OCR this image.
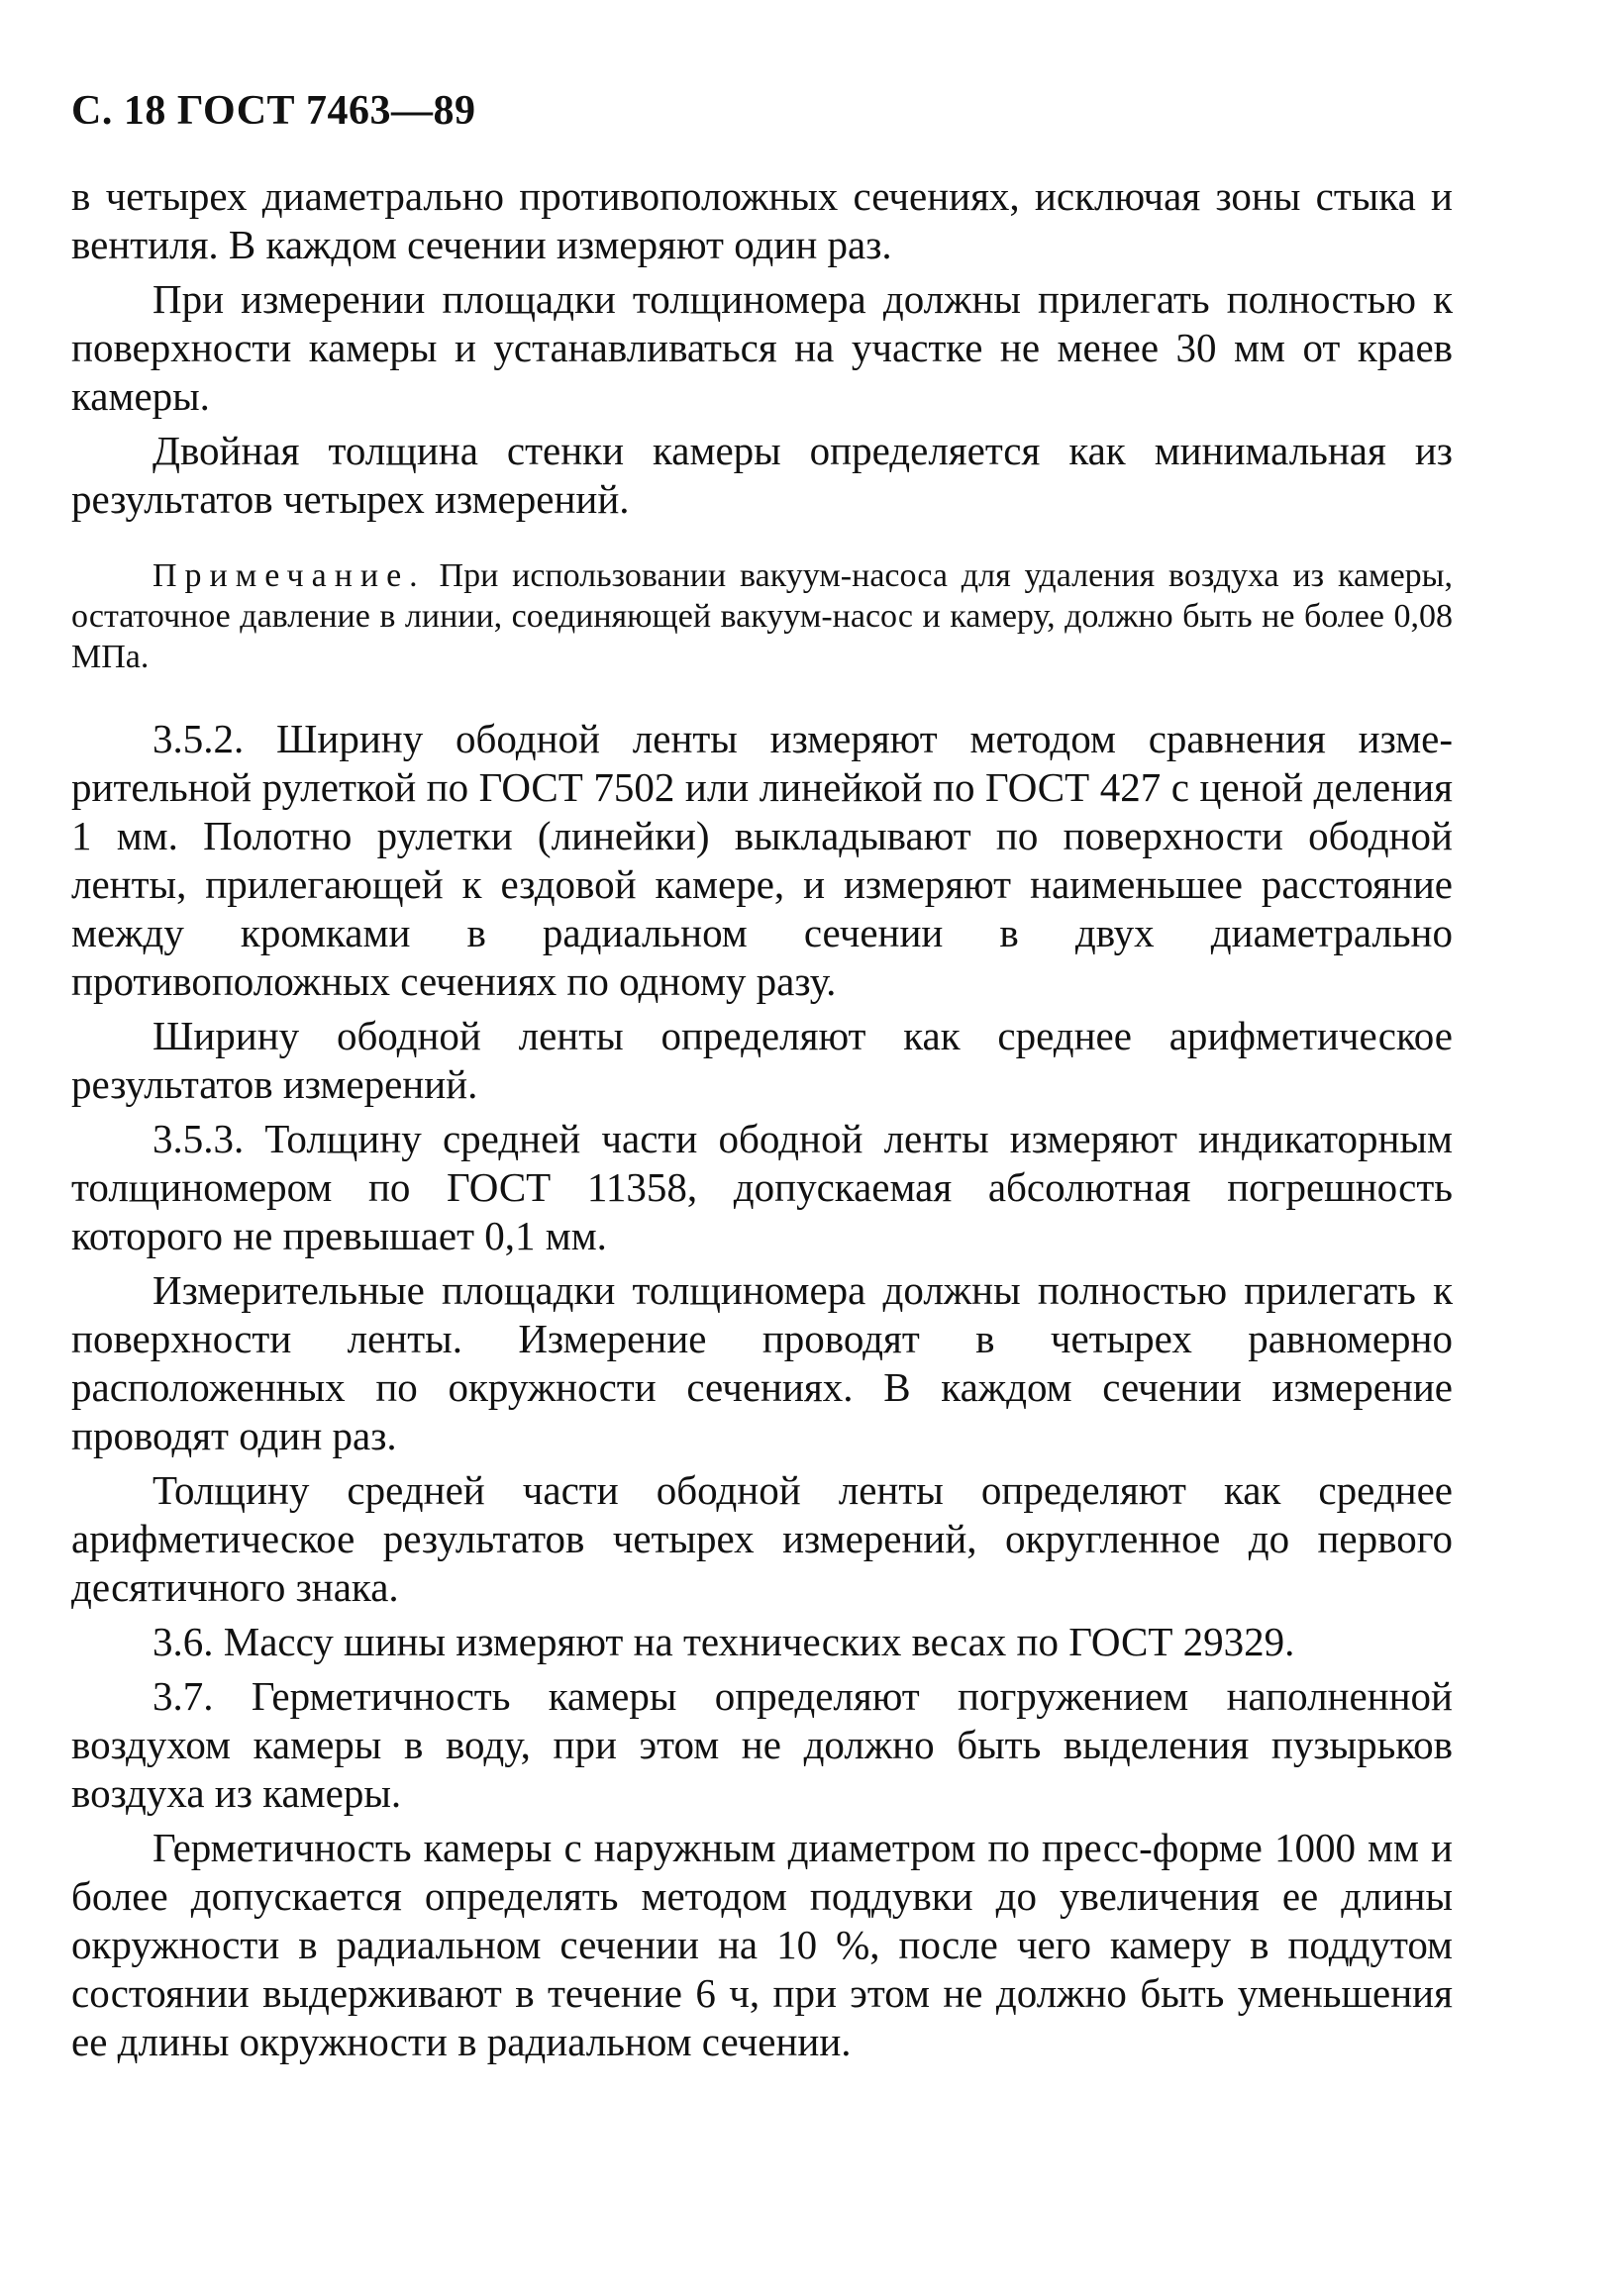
С. 18 ГОСТ 7463—89

в четырех диаметрально противоположных сечениях, исключая зоны стыка и вентиля. В каждом сечении измеряют один раз.

При измерении площадки толщиномера должны прилегать полностью к поверхности камеры и устанавливаться на участке не менее 30 мм от краев камеры.

Двойная толщина стенки камеры определяется как минимальная из результатов четырех измерений.

Примечание. При использовании вакуум-насоса для удаления воздуха из камеры, остаточное давление в линии, соединяющей вакуум-насос и камеру, должно быть не более 0,08 МПа.

3.5.2. Ширину ободной ленты измеряют методом сравнения измерительной рулеткой по ГОСТ 7502 или линейкой по ГОСТ 427 с ценой деления 1 мм. Полотно рулетки (линейки) выкладывают по поверхности ободной ленты, прилегающей к ездовой камере, и измеряют наименьшее расстояние между кромками в радиальном сечении в двух диаметрально противоположных сечениях по одному разу.

Ширину ободной ленты определяют как среднее арифметическое результатов измерений.

3.5.3. Толщину средней части ободной ленты измеряют индикаторным толщиномером по ГОСТ 11358, допускаемая абсолютная погрешность которого не превышает 0,1 мм.

Измерительные площадки толщиномера должны полностью прилегать к поверхности ленты. Измерение проводят в четырех равномерно расположенных по окружности сечениях. В каждом сечении измерение проводят один раз.

Толщину средней части ободной ленты определяют как среднее арифметическое результатов четырех измерений, округленное до первого десятичного знака.

3.6. Массу шины измеряют на технических весах по ГОСТ 29329.

3.7. Герметичность камеры определяют погружением наполненной воздухом камеры в воду, при этом не должно быть выделения пузырьков воздуха из камеры.

Герметичность камеры с наружным диаметром по пресс-форме 1000 мм и более допускается определять методом поддувки до увеличения ее длины окружности в радиальном сечении на 10 %, после чего камеру в поддутом состоянии выдерживают в течение 6 ч, при этом не должно быть уменьшения ее длины окружности в радиальном сечении.
